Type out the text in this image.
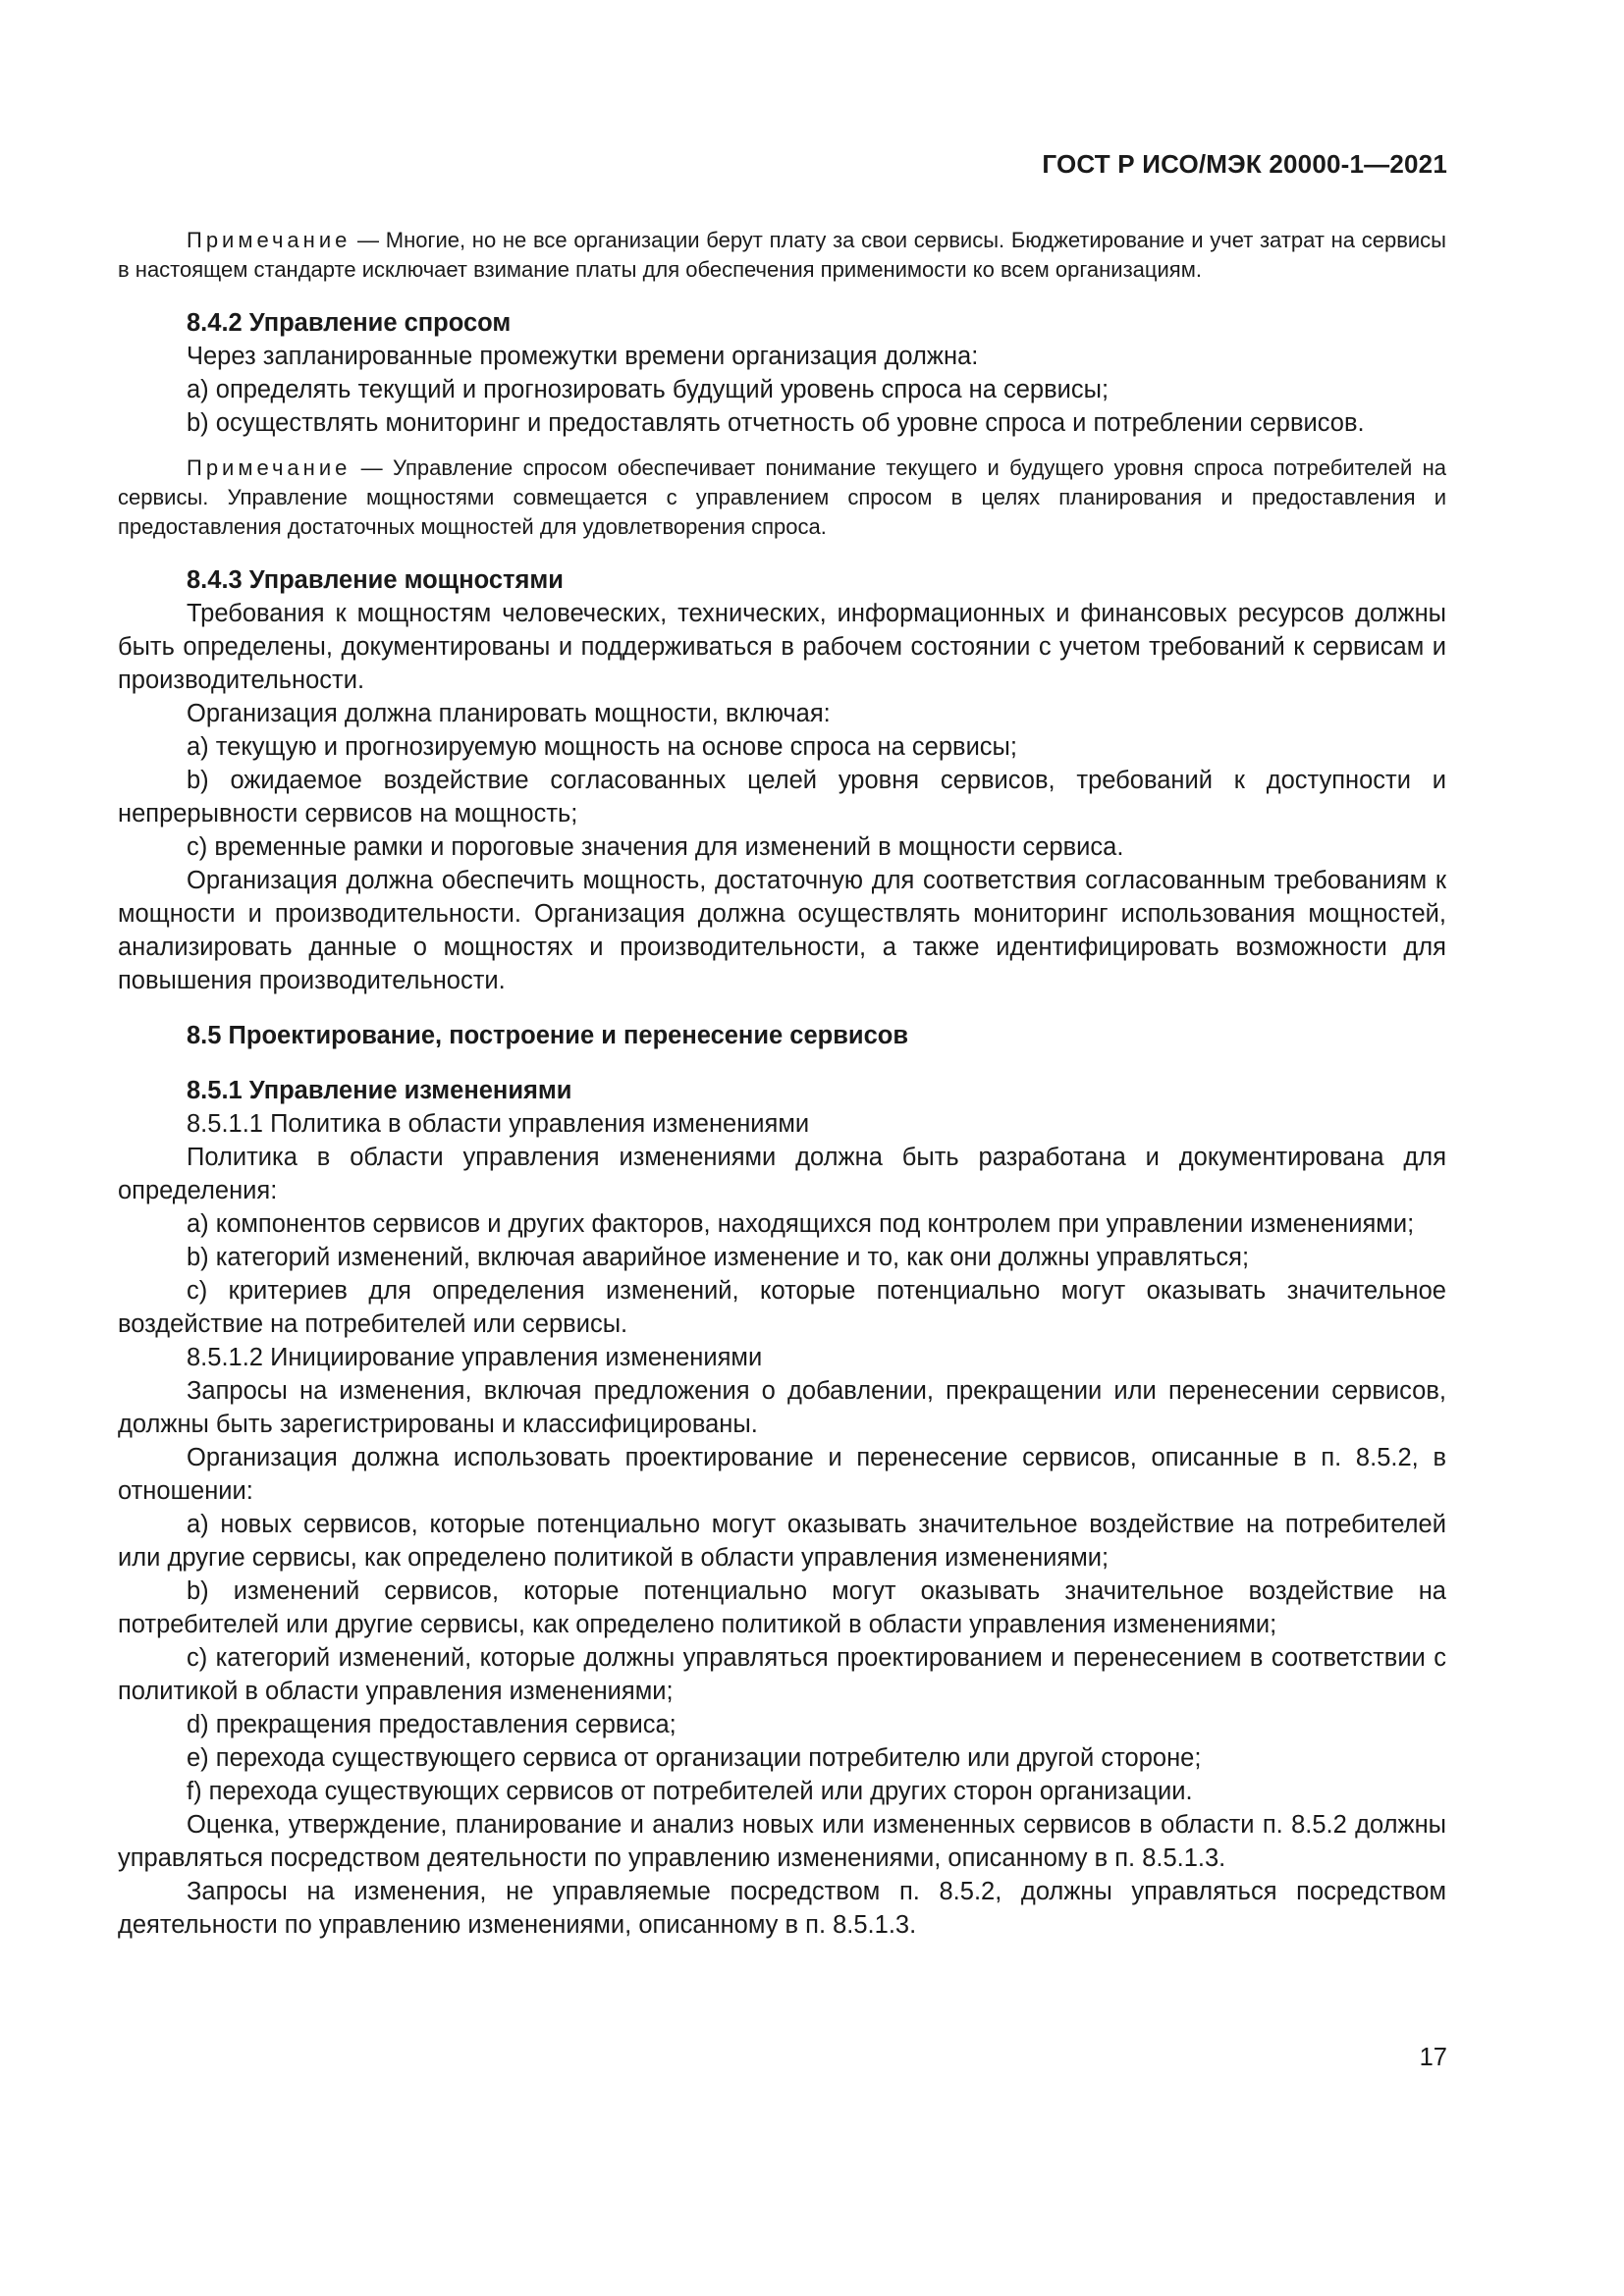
ГОСТ Р ИСО/МЭК 20000-1—2021

Примечание — Многие, но не все организации берут плату за свои сервисы. Бюджетирование и учет затрат на сервисы в настоящем стандарте исключает взимание платы для обеспечения применимости ко всем организациям.

8.4.2 Управление спросом

Через запланированные промежутки времени организация должна:

a) определять текущий и прогнозировать будущий уровень спроса на сервисы;

b) осуществлять мониторинг и предоставлять отчетность об уровне спроса и потреблении сервисов.

Примечание — Управление спросом обеспечивает понимание текущего и будущего уровня спроса потребителей на сервисы. Управление мощностями совмещается с управлением спросом в целях планирования и предоставления и предоставления достаточных мощностей для удовлетворения спроса.

8.4.3 Управление мощностями

Требования к мощностям человеческих, технических, информационных и финансовых ресурсов должны быть определены, документированы и поддерживаться в рабочем состоянии с учетом требований к сервисам и производительности.

Организация должна планировать мощности, включая:

a) текущую и прогнозируемую мощность на основе спроса на сервисы;

b) ожидаемое воздействие согласованных целей уровня сервисов, требований к доступности и непрерывности сервисов на мощность;

c) временные рамки и пороговые значения для изменений в мощности сервиса.

Организация должна обеспечить мощность, достаточную для соответствия согласованным требованиям к мощности и производительности. Организация должна осуществлять мониторинг использования мощностей, анализировать данные о мощностях и производительности, а также идентифицировать возможности для повышения производительности.

8.5 Проектирование, построение и перенесение сервисов

8.5.1 Управление изменениями

8.5.1.1 Политика в области управления изменениями

Политика в области управления изменениями должна быть разработана и документирована для определения:

a) компонентов сервисов и других факторов, находящихся под контролем при управлении изменениями;

b) категорий изменений, включая аварийное изменение и то, как они должны управляться;

c) критериев для определения изменений, которые потенциально могут оказывать значительное воздействие на потребителей или сервисы.

8.5.1.2 Инициирование управления изменениями

Запросы на изменения, включая предложения о добавлении, прекращении или перенесении сервисов, должны быть зарегистрированы и классифицированы.

Организация должна использовать проектирование и перенесение сервисов, описанные в п. 8.5.2, в отношении:

a) новых сервисов, которые потенциально могут оказывать значительное воздействие на потребителей или другие сервисы, как определено политикой в области управления изменениями;

b) изменений сервисов, которые потенциально могут оказывать значительное воздействие на потребителей или другие сервисы, как определено политикой в области управления изменениями;

c) категорий изменений, которые должны управляться проектированием и перенесением в соответствии с политикой в области управления изменениями;

d) прекращения предоставления сервиса;

e) перехода существующего сервиса от организации потребителю или другой стороне;

f) перехода существующих сервисов от потребителей или других сторон организации.

Оценка, утверждение, планирование и анализ новых или измененных сервисов в области п. 8.5.2 должны управляться посредством деятельности по управлению изменениями, описанному в п. 8.5.1.3.

Запросы на изменения, не управляемые посредством п. 8.5.2, должны управляться посредством деятельности по управлению изменениями, описанному в п. 8.5.1.3.

17
